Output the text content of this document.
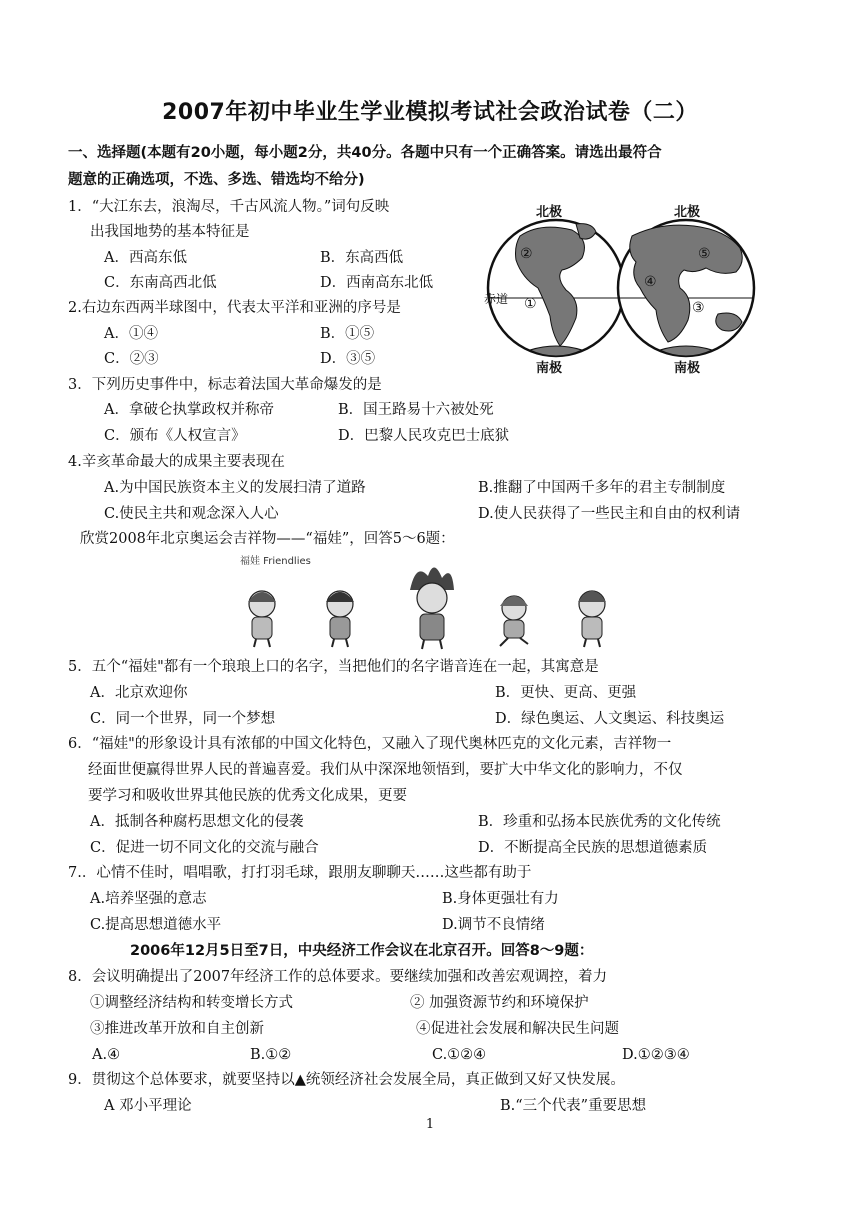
2007年初中毕业生学业模拟考试社会政治试卷（二）
一、选择题(本题有20小题，每小题2分，共40分。各题中只有一个正确答案。请选出最符合
题意的正确选项，不选、多选、错选均不给分)
1．“大江东去，浪淘尽，千古风流人物。”词句反映
出我国地势的基本特征是
A．西高东低	B．东高西低
C．东南高西北低	D．西南高东北低
2.右边东西两半球图中，代表太平洋和亚洲的序号是
A．①④	B．①⑤
C．②③	D．③⑤
北极	北极
南极	南极
赤道 ①
②
③
④
⑤
3．下列历史事件中，标志着法国大革命爆发的是
A．拿破仑执掌政权并称帝	B．国王路易十六被处死
C．颁布《人权宣言》	D．巴黎人民攻克巴士底狱
4.辛亥革命最大的成果主要表现在
A.为中国民族资本主义的发展扫清了道路	B.推翻了中国两千多年的君主专制制度
C.使民主共和观念深入人心	D.使人民获得了一些民主和自由的权利请
欣赏2008年北京奥运会吉祥物——“福娃”，回答5～6题：
福娃 Friendlies
5．五个“福娃"都有一个琅琅上口的名字，当把他们的名字谐音连在一起，其寓意是
A．北京欢迎你	B．更快、更高、更强
C．同一个世界，同一个梦想	D．绿色奥运、人文奥运、科技奥运
6．“福娃"的形象设计具有浓郁的中国文化特色，又融入了现代奥林匹克的文化元素，吉祥物一
经面世便赢得世界人民的普遍喜爱。我们从中深深地领悟到，要扩大中华文化的影响力，不仅
要学习和吸收世界其他民族的优秀文化成果，更要
A．抵制各种腐朽思想文化的侵袭	B．珍重和弘扬本民族优秀的文化传统
C．促进一切不同文化的交流与融合	D．不断提高全民族的思想道德素质
7.．心情不佳时，唱唱歌，打打羽毛球，跟朋友聊聊天……这些都有助于
A.培养坚强的意志	B.身体更强壮有力
C.提高思想道德水平	D.调节不良情绪
2006年12月5日至7日，中央经济工作会议在北京召开。回答8～9题：
8．会议明确提出了2007年经济工作的总体要求。要继续加强和改善宏观调控，着力
①调整经济结构和转变增长方式	② 加强资源节约和环境保护
③推进改革开放和自主创新	④促进社会发展和解决民生问题
A.④	B.①②	C.①②④	D.①②③④
9．贯彻这个总体要求，就要坚持以▲统领经济社会发展全局，真正做到又好又快发展。
A 邓小平理论	B.“三个代表”重要思想
1
